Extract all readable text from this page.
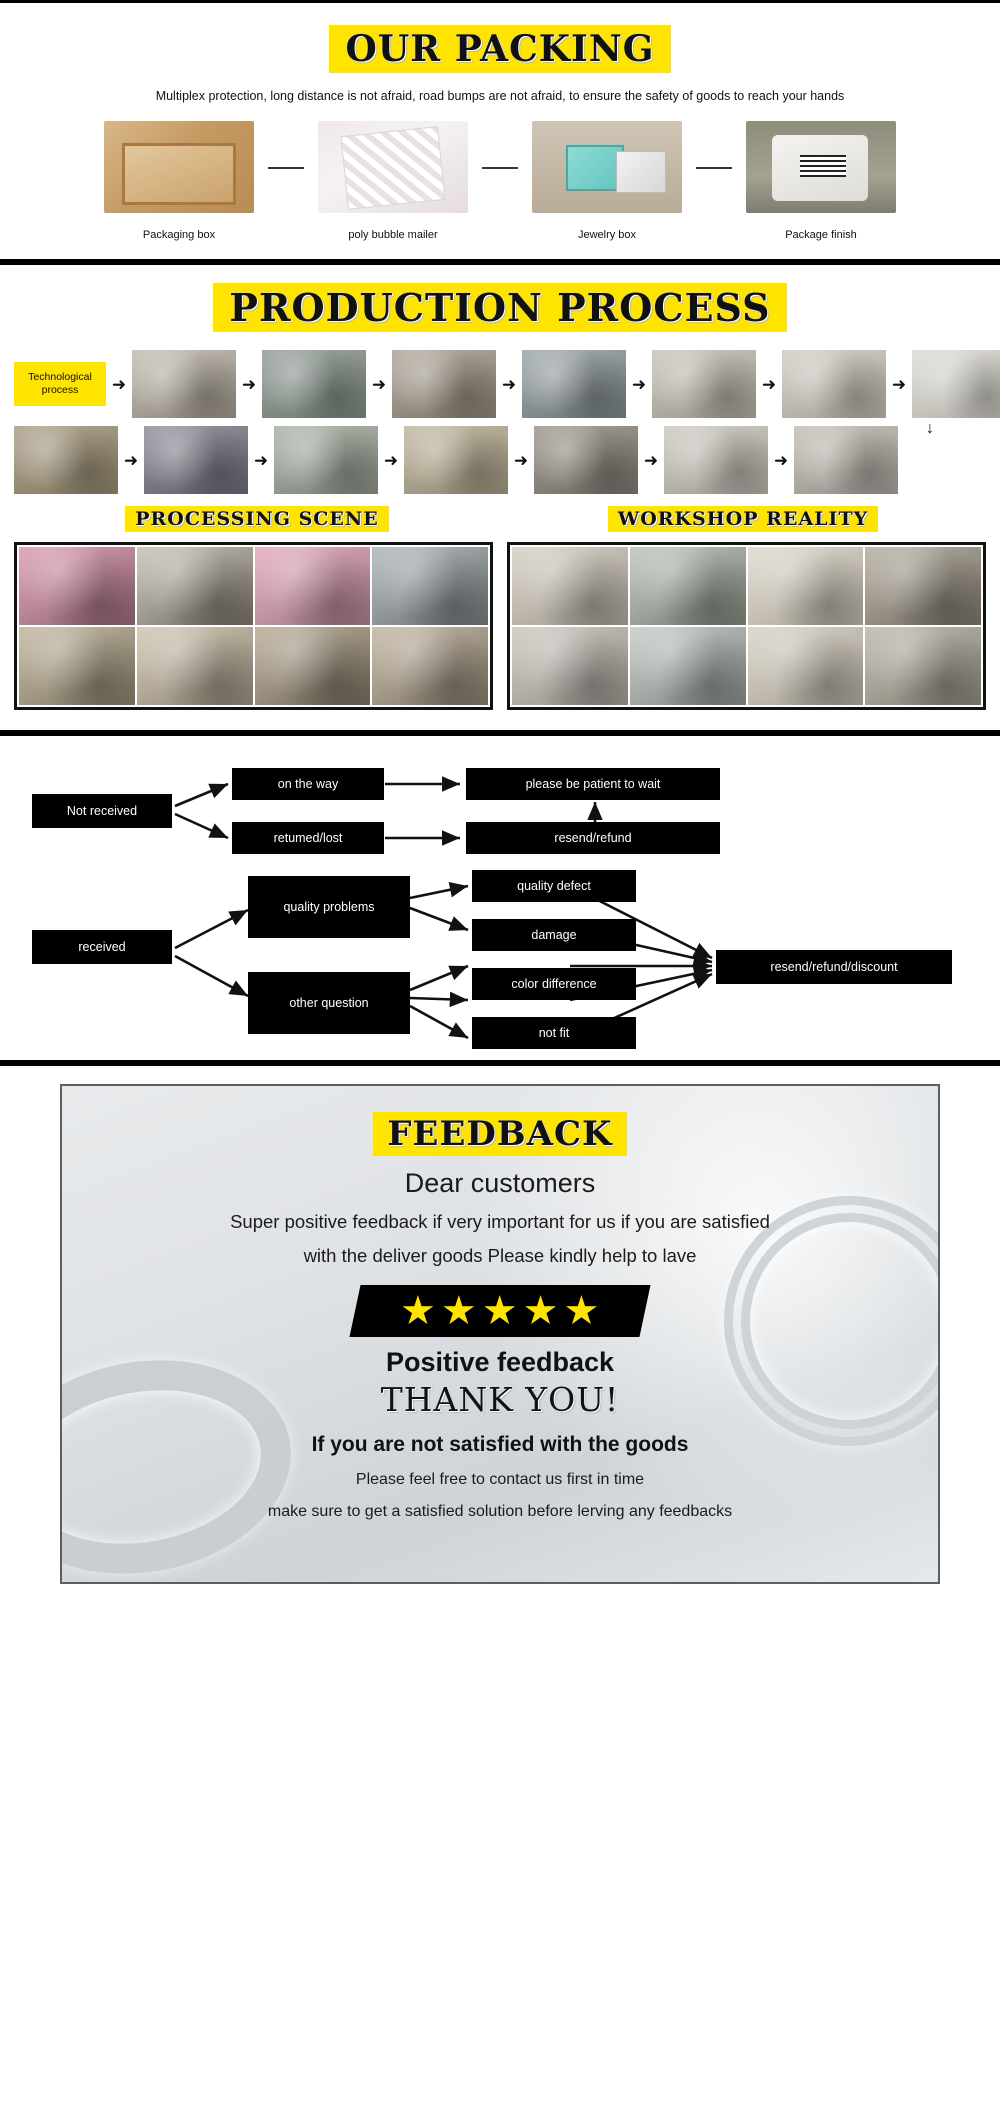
OUR PACKING
Multiplex protection, long distance is not afraid, road bumps are not afraid, to ensure the safety of goods to reach your hands
Packaging box	poly bubble mailer	Jewelry box	Package finish
PRODUCTION PROCESS
Technological process	➜	➜	➜	➜	➜	➜	➜
↓
➜	➜	➜	➜	➜	➜
PROCESSING SCENE	WORKSHOP REALITY
Not received
on the way
retumed/lost
please be patient to wait
resend/refund
received
quality problems
other question
quality defect
damage
color difference
not fit
resend/refund/discount
FEEDBACK
Dear customers
Super positive feedback if very important for us if you are satisfied
with the deliver goods Please kindly help to lave
★ ★ ★ ★ ★
Positive feedback
THANK YOU!
If you are not satisfied with the goods
Please feel free to contact us first in time
make sure to get a satisfied solution before lerving any feedbacks
